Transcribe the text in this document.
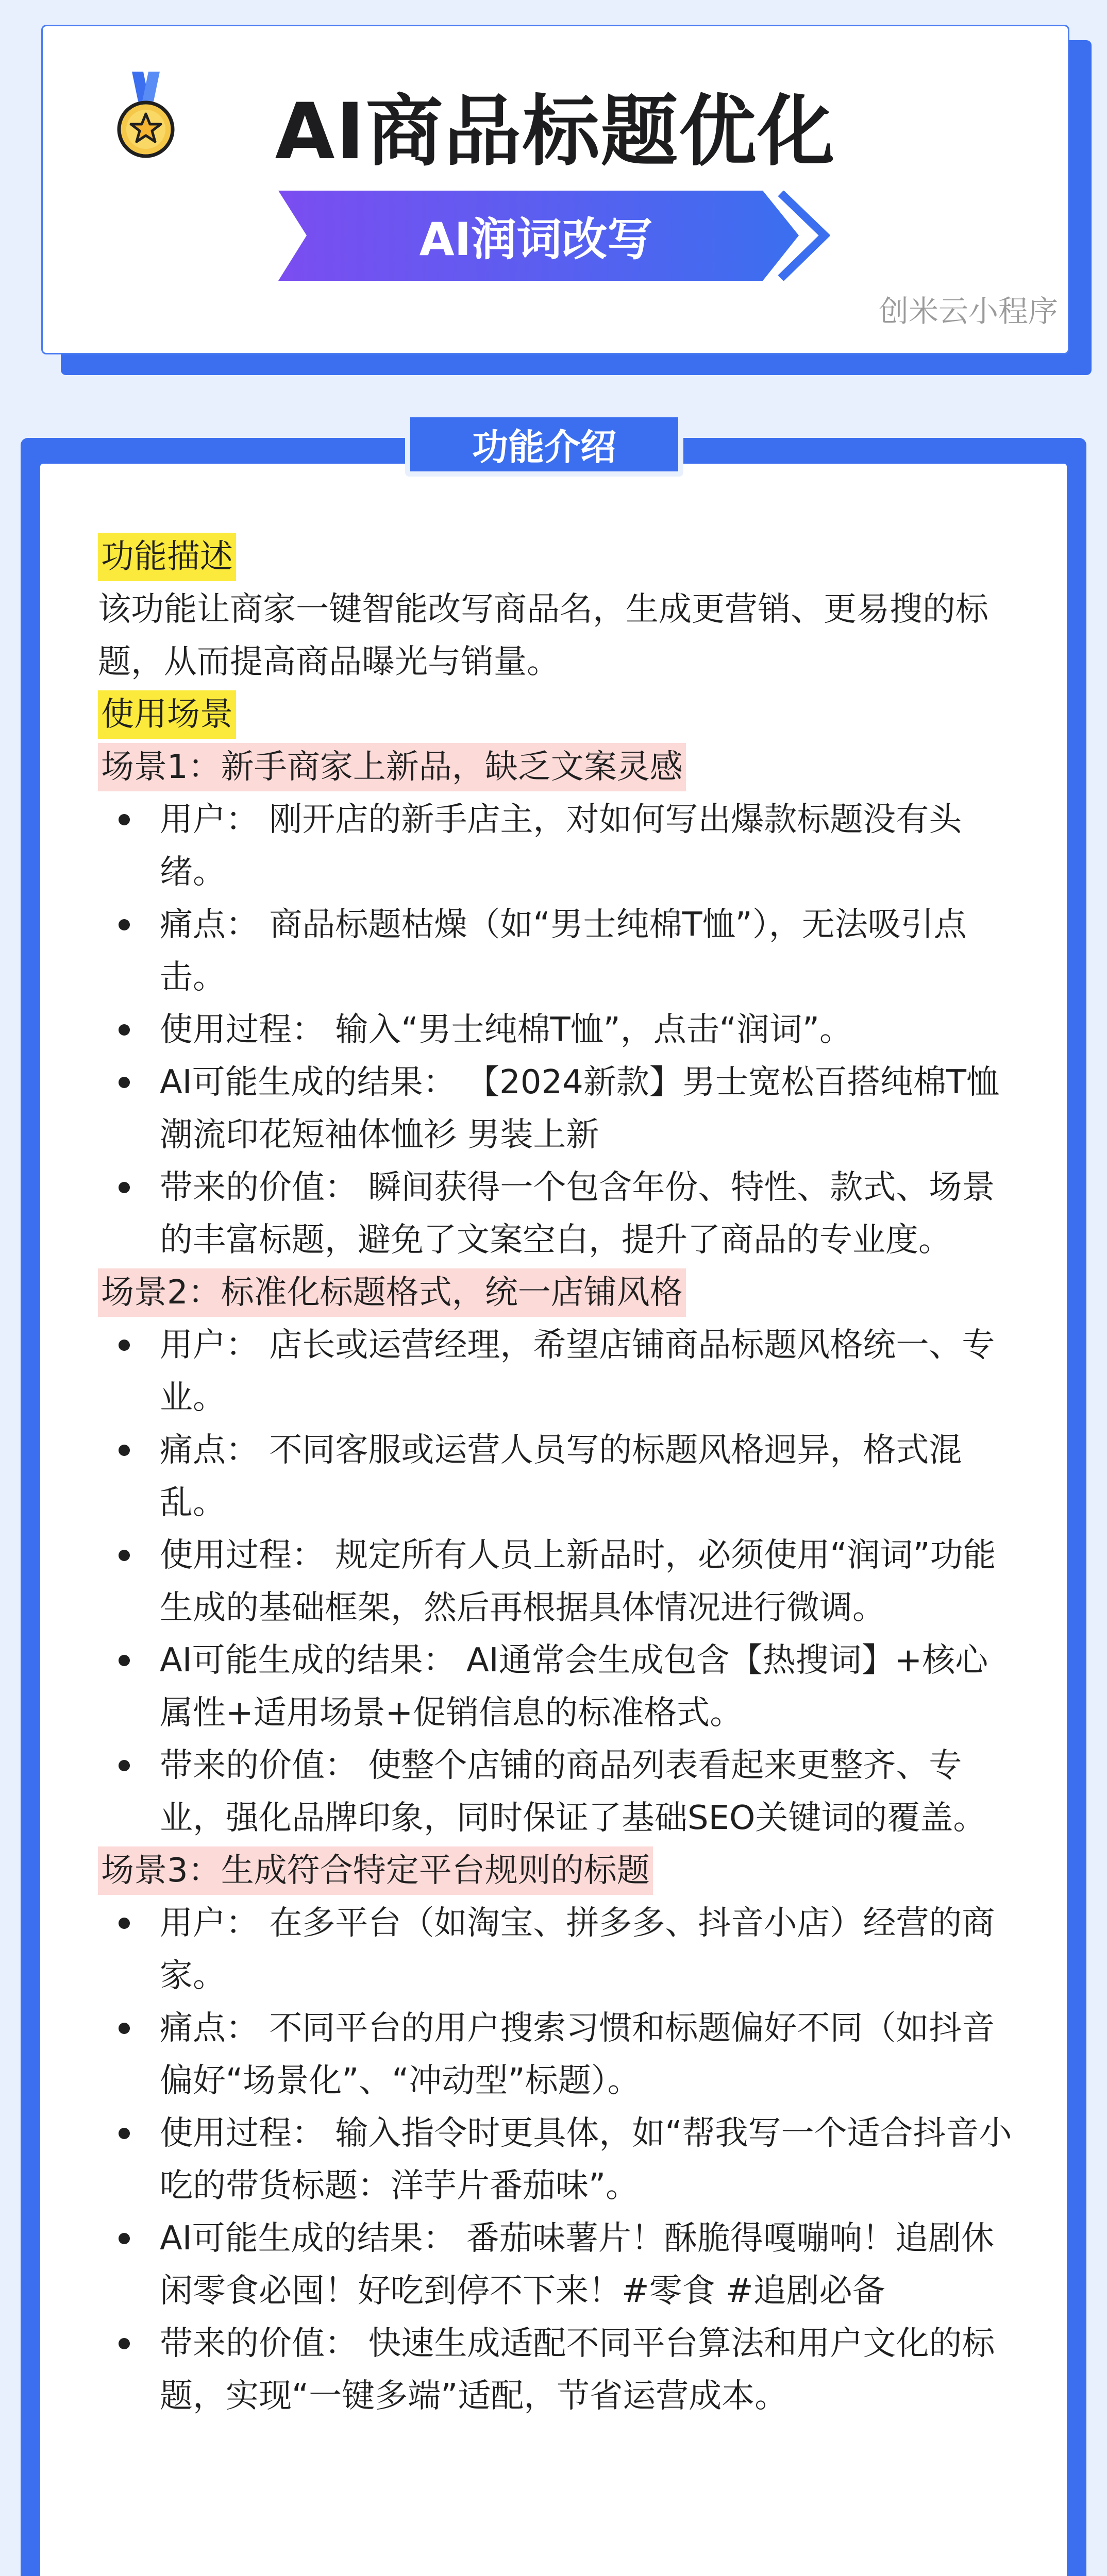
AI商品标题优化
AI润词改写
创米云小程序
功能介绍
功能描述
该功能让商家一键智能改写商品名，生成更营销、更易搜的标题，从而提高商品曝光与销量。
使用场景
场景1：新手商家上新品，缺乏文案灵感
用户： 刚开店的新手店主，对如何写出爆款标题没有头绪。
痛点： 商品标题枯燥（如“男士纯棉T恤”），无法吸引点击。
使用过程： 输入“男士纯棉T恤”，点击“润词”。
AI可能生成的结果： 【2024新款】男士宽松百搭纯棉T恤 潮流印花短袖体恤衫 男装上新
带来的价值： 瞬间获得一个包含年份、特性、款式、场景的丰富标题，避免了文案空白，提升了商品的专业度。
场景2：标准化标题格式，统一店铺风格
用户： 店长或运营经理，希望店铺商品标题风格统一、专业。
痛点： 不同客服或运营人员写的标题风格迥异，格式混乱。
使用过程： 规定所有人员上新品时，必须使用“润词”功能生成的基础框架，然后再根据具体情况进行微调。
AI可能生成的结果： AI通常会生成包含【热搜词】+核心属性+适用场景+促销信息的标准格式。
带来的价值： 使整个店铺的商品列表看起来更整齐、专业，强化品牌印象，同时保证了基础SEO关键词的覆盖。
场景3：生成符合特定平台规则的标题
用户： 在多平台（如淘宝、拼多多、抖音小店）经营的商家。
痛点： 不同平台的用户搜索习惯和标题偏好不同（如抖音偏好“场景化”、“冲动型”标题）。
使用过程： 输入指令时更具体，如“帮我写一个适合抖音小吃的带货标题：洋芋片番茄味”。
AI可能生成的结果： 番茄味薯片！酥脆得嘎嘣响！追剧休闲零食必囤！好吃到停不下来！#零食 #追剧必备
带来的价值： 快速生成适配不同平台算法和用户文化的标题，实现“一键多端”适配，节省运营成本。
